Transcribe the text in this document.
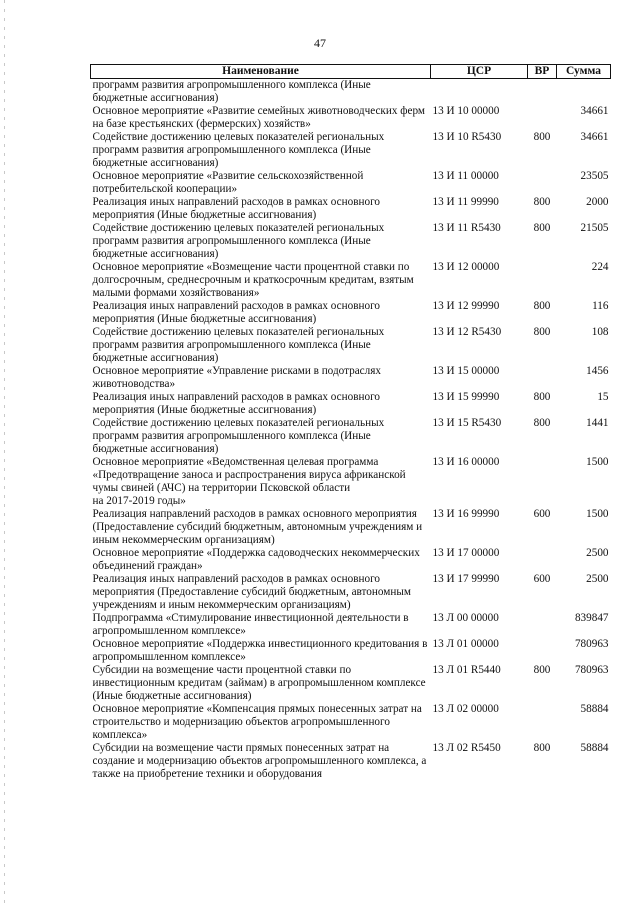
47
Наименование	ЦСР	ВР	Сумма
программ развития агропромышленного комплекса (Иные бюджетные ассигнования)			
Основное мероприятие «Развитие семейных животноводческих ферм на базе крестьянских (фермерских) хозяйств»	13 И 10 00000		34661
Содействие достижению целевых показателей региональных программ развития агропромышленного комплекса (Иные бюджетные ассигнования)	13 И 10 R5430	800	34661
Основное мероприятие «Развитие сельскохозяйственной потребительской кооперации»	13 И 11 00000		23505
Реализация иных направлений расходов в рамках основного мероприятия (Иные бюджетные ассигнования)	13 И 11 99990	800	2000
Содействие достижению целевых показателей региональных программ развития агропромышленного комплекса (Иные бюджетные ассигнования)	13 И 11 R5430	800	21505
Основное мероприятие «Возмещение части процентной ставки по долгосрочным, среднесрочным и краткосрочным кредитам, взятым малыми формами хозяйствования»	13 И 12 00000		224
Реализация иных направлений расходов в рамках основного мероприятия (Иные бюджетные ассигнования)	13 И 12 99990	800	116
Содействие достижению целевых показателей региональных программ развития агропромышленного комплекса (Иные бюджетные ассигнования)	13 И 12 R5430	800	108
Основное мероприятие «Управление рисками в подотраслях животноводства»	13 И 15 00000		1456
Реализация иных направлений расходов в рамках основного мероприятия (Иные бюджетные ассигнования)	13 И 15 99990	800	15
Содействие достижению целевых показателей региональных программ развития агропромышленного комплекса (Иные бюджетные ассигнования)	13 И 15 R5430	800	1441
Основное мероприятие «Ведомственная целевая программа «Предотвращение заноса и распространения вируса африканской чумы свиней (АЧС) на территории Псковской области
на 2017-2019 годы»	13 И 16 00000		1500
Реализация направлений расходов в рамках основного мероприятия (Предоставление субсидий бюджетным, автономным учреждениям и иным некоммерческим организациям)	13 И 16 99990	600	1500
Основное мероприятие «Поддержка садоводческих некоммерческих объединений граждан»	13 И 17 00000		2500
Реализация иных направлений расходов в рамках основного мероприятия (Предоставление субсидий бюджетным, автономным учреждениям и иным некоммерческим организациям)	13 И 17 99990	600	2500
Подпрограмма «Стимулирование инвестиционной деятельности в агропромышленном комплексе»	13 Л 00 00000		839847
Основное мероприятие «Поддержка инвестиционного кредитования в агропромышленном комплексе»	13 Л 01 00000		780963
Субсидии на возмещение части процентной ставки по инвестиционным кредитам (займам) в агропромышленном комплексе (Иные бюджетные ассигнования)	13 Л 01 R5440	800	780963
Основное мероприятие «Компенсация прямых понесенных затрат на строительство и модернизацию объектов агропромышленного комплекса»	13 Л 02 00000		58884
Субсидии на возмещение части прямых понесенных затрат на создание и модернизацию объектов агропромышленного комплекса, а также на приобретение техники и оборудования	13 Л 02 R5450	800	58884
